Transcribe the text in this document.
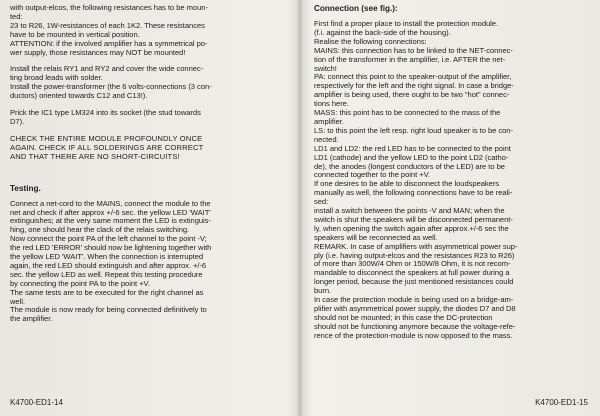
with output-elcos, the following resistances has to be moun-
ted:
23 to R26, 1W-resistances of each 1K2. These resistances
have to be mounted in vertical position.
ATTENTION: if the involved amplifier has a symmetrical po-
wer supply, those resistances may NOT be mounted!

Install the relais RY1 and RY2 and cover the wide connec-
ting broad leads with solder.
Install the power-transformer (the 6 volts-connections (3 con-
ductors) oriented towards C12 and C13!).

Prick the IC1 type LM324 into its socket (the stud towards
D7).

CHECK THE ENTIRE MODULE PROFOUNDLY ONCE
AGAIN. CHECK IF ALL SOLDERINGS ARE CORRECT
AND THAT THERE ARE NO SHORT-CIRCUITS!

Testing.

Connect a net-cord to the MAINS, connect the module to the
net and check if after approx +/-6 sec. the yellow LED 'WAIT'
extinguishes; at the very same moment the LED is extinguis-
hing, one should hear the clack of the relais switching.
Now connect the point PA of the left channel to the point -V;
the red LED 'ERROR' should now be lightening together with
the yellow LED 'WAIT'. When the connection is interrupted
again, the red LED should extinguish and after approx. +/-6
sec. the yellow LED as well. Repeat this testing procedure
by connecting the point PA to the point +V.
The same tests are to be executed for the right channel as
well.
The module is now ready for being connected definitively to
the amplifier.

K4700-ED1-14
Connection (see fig.):

First find a proper place to install the protection module.
(f.i. against the back-side of the housing).
Realise the following connections:
MAINS: this connection has to be linked to the NET-connec-
tion of the transformer in the amplifier, i.e. AFTER the net-
switch!
PA: connect this point to the speaker-output of the amplifier,
respectively for the left and the right signal. In case a bridge-
amplifier is being used, there ought to be two "hot" connec-
tions here.
MASS: this point has to be connected to the mass of the
amplifier.
LS: to this point the left resp. right loud speaker is to be con-
nected.
LD1 and LD2: the red LED has to be connected to the point
LD1 (cathode) and the yellow LED to the point LD2 (catho-
de), the anodes (longest conductors of the LED) are to be
connected together to the point +V.
If one desires to be able to disconnect the loudspeakers
manually as well, the following connections have to be reali-
sed:
install a switch between the points -V and MAN; when the
switch is shut the speakers will be disconnected permanent-
ly, when opening the switch again after approx.+/-6 sec the
speakers will be reconnected as well.
REMARK. In case of amplifiers with asymmetrical power sup-
ply (i.e. having output-elcos and the resistances R23 to R26)
of more than 300W/4 Ohm or 150W/8 Ohm, it is not recom-
mandable to disconnect the speakers at full power during a
longer period, because the just mentioned resistances could
burn.
In case the protection module is being used on a bridge-am-
plifier with asymmetrical power supply, the diodes D7 and D8
should not be mounted; in this case the DC-protection
should not be functioning anymore because the voltage-refe-
rence of the protection-module is now opposed to the mass.

K4700-ED1-15
